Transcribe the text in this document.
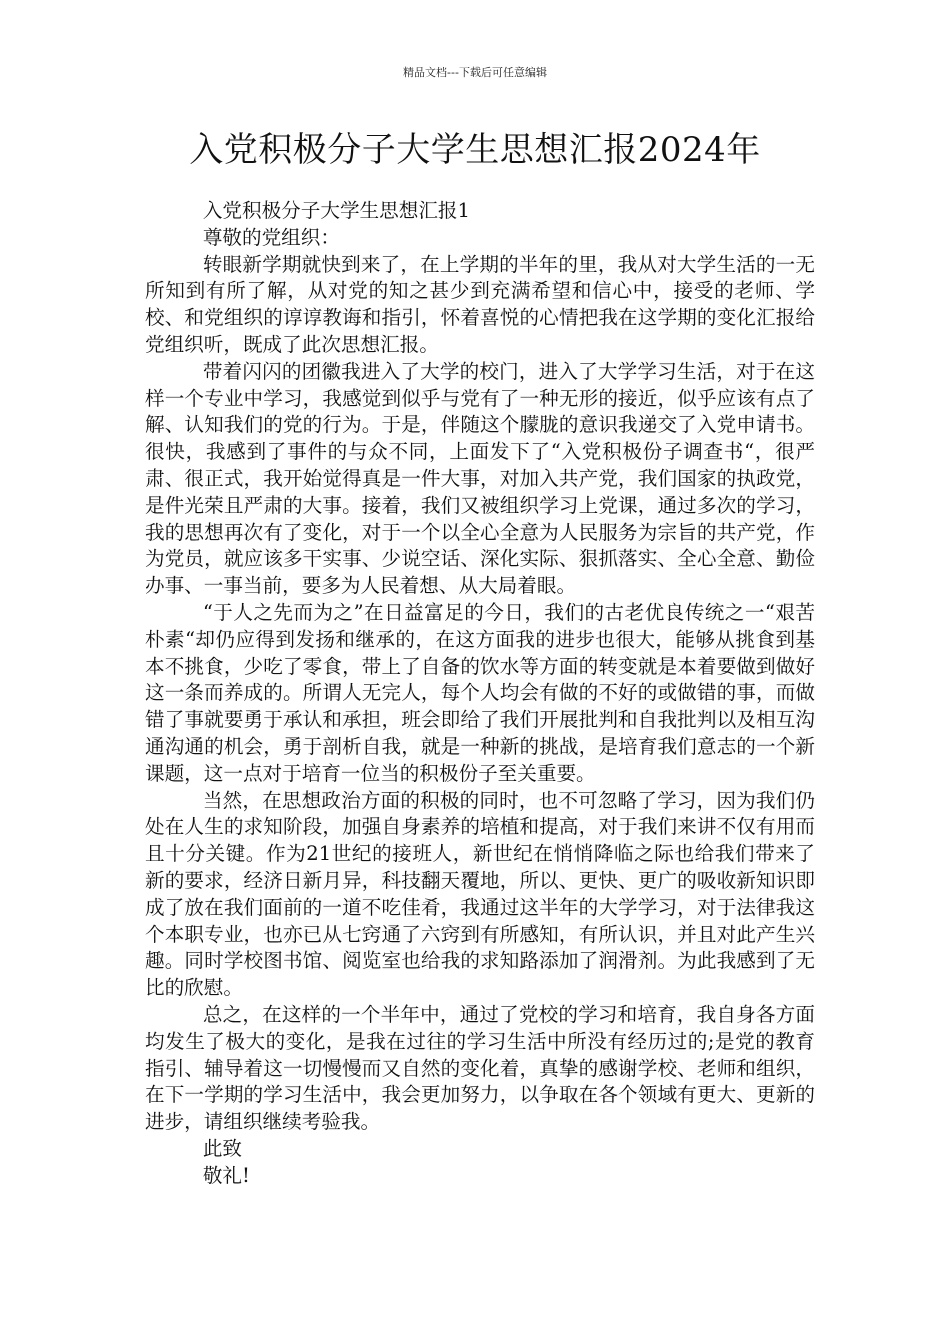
精品文档---下载后可任意编辑
入党积极分子大学生思想汇报2024年

入党积极分子大学生思想汇报1

尊敬的党组织：

转眼新学期就快到来了，在上学期的半年的里，我从对大学生活的一无所知到有所了解，从对党的知之甚少到充满希望和信心中，接受的老师、学校、和党组织的谆谆教诲和指引，怀着喜悦的心情把我在这学期的变化汇报给党组织听，既成了此次思想汇报。

带着闪闪的团徽我进入了大学的校门，进入了大学学习生活，对于在这样一个专业中学习，我感觉到似乎与党有了一种无形的接近，似乎应该有点了解、认知我们的党的行为。于是，伴随这个朦胧的意识我递交了入党申请书。很快，我感到了事件的与众不同，上面发下了“入党积极份子调查书“，很严肃、很正式，我开始觉得真是一件大事，对加入共产党，我们国家的执政党，是件光荣且严肃的大事。接着，我们又被组织学习上党课，通过多次的学习，我的思想再次有了变化，对于一个以全心全意为人民服务为宗旨的共产党，作为党员，就应该多干实事、少说空话、深化实际、狠抓落实、全心全意、勤俭办事、一事当前，要多为人民着想、从大局着眼。

“于人之先而为之”在日益富足的今日，我们的古老优良传统之一“艰苦朴素“却仍应得到发扬和继承的，在这方面我的进步也很大，能够从挑食到基本不挑食，少吃了零食，带上了自备的饮水等方面的转变就是本着要做到做好这一条而养成的。所谓人无完人，每个人均会有做的不好的或做错的事，而做错了事就要勇于承认和承担，班会即给了我们开展批判和自我批判以及相互沟通沟通的机会，勇于剖析自我，就是一种新的挑战，是培育我们意志的一个新课题，这一点对于培育一位当的积极份子至关重要。

当然，在思想政治方面的积极的同时，也不可忽略了学习，因为我们仍处在人生的求知阶段，加强自身素养的培植和提高，对于我们来讲不仅有用而且十分关键。作为21世纪的接班人，新世纪在悄悄降临之际也给我们带来了新的要求，经济日新月异，科技翻天覆地，所以、更快、更广的吸收新知识即成了放在我们面前的一道不吃佳肴，我通过这半年的大学学习，对于法律我这个本职专业，也亦已从七窍通了六窍到有所感知，有所认识，并且对此产生兴趣。同时学校图书馆、阅览室也给我的求知路添加了润滑剂。为此我感到了无比的欣慰。

总之，在这样的一个半年中，通过了党校的学习和培育，我自身各方面均发生了极大的变化，是我在过往的学习生活中所没有经历过的;是党的教育指引、辅导着这一切慢慢而又自然的变化着，真挚的感谢学校、老师和组织，在下一学期的学习生活中，我会更加努力，以争取在各个领域有更大、更新的进步，请组织继续考验我。

此致

敬礼!
